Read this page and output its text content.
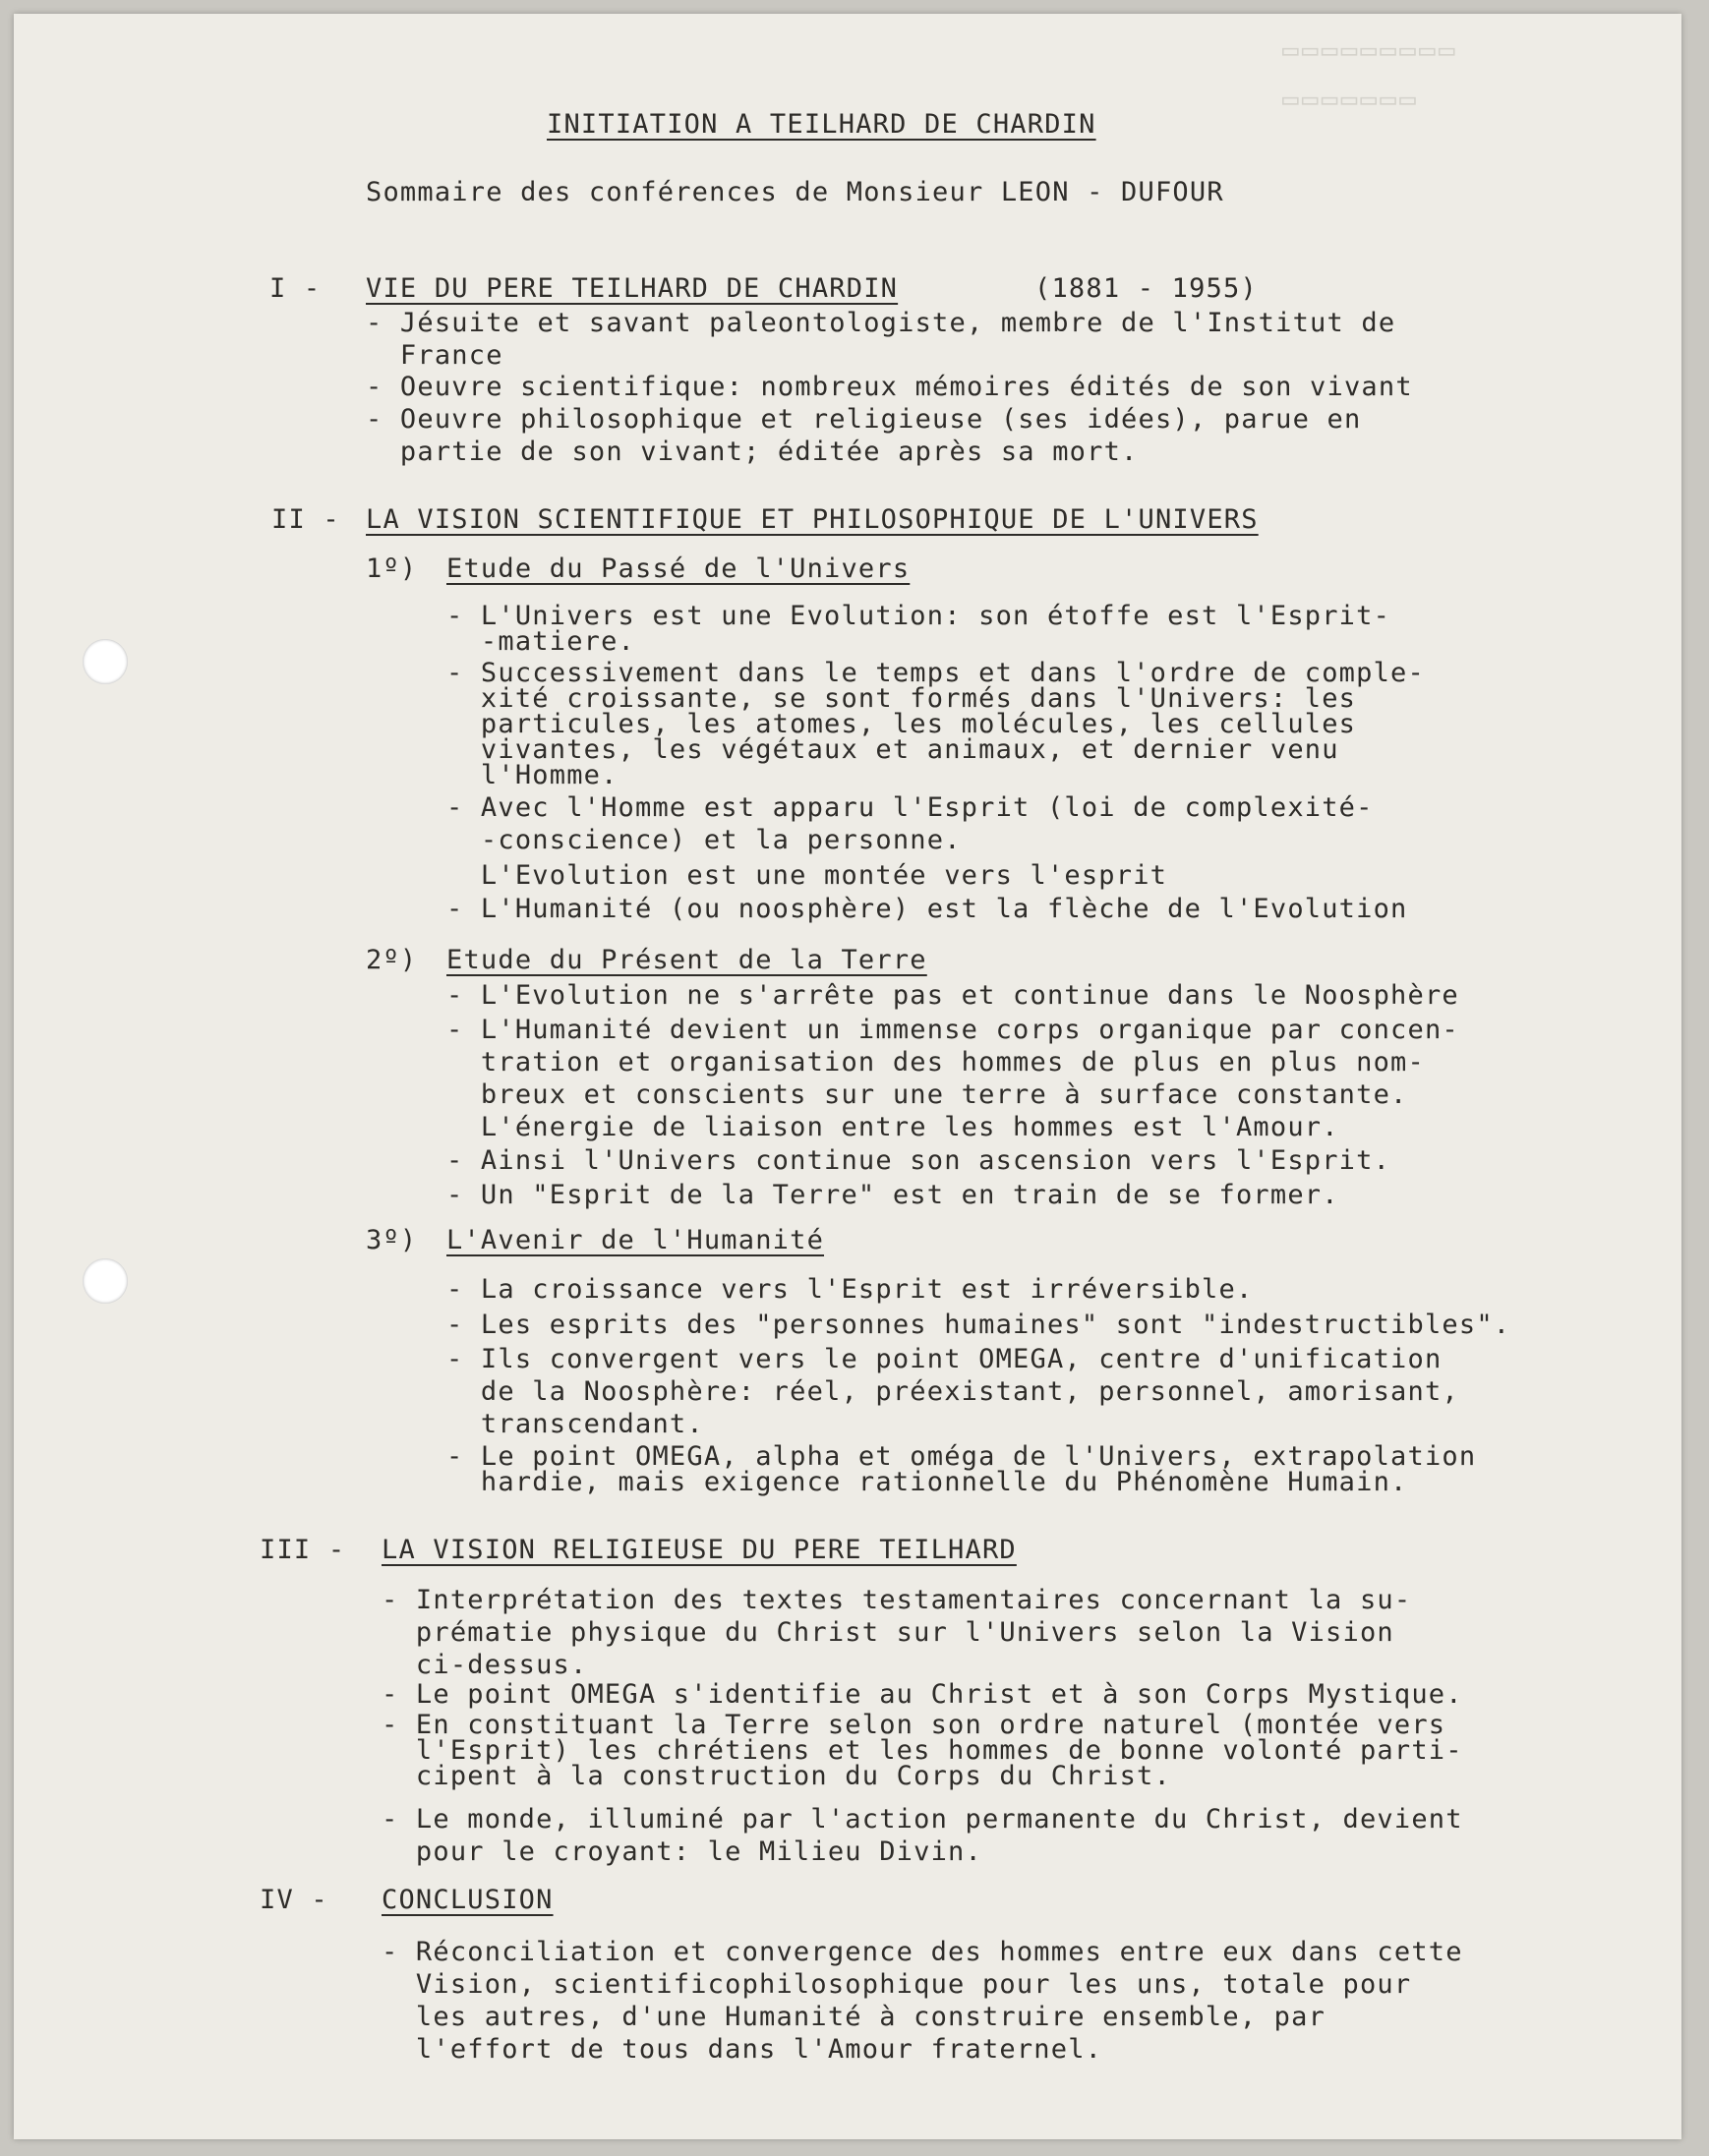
▭▭▭▭▭▭▭▭▭
▭▭▭▭▭▭▭
INITIATION A TEILHARD DE CHARDIN
Sommaire des conférences de Monsieur LEON - DUFOUR
I - VIE DU PERE TEILHARD DE CHARDIN	(1881 - 1955)
- Jésuite et savant paleontologiste, membre de l'Institut de
France
- Oeuvre scientifique: nombreux mémoires édités de son vivant
- Oeuvre philosophique et religieuse (ses idées), parue en
partie de son vivant; éditée après sa mort.
II - LA VISION SCIENTIFIQUE ET PHILOSOPHIQUE DE L'UNIVERS
1º) Etude du Passé de l'Univers
- L'Univers est une Evolution: son étoffe est l'Esprit-
-matiere.
- Successivement dans le temps et dans l'ordre de comple-
xité croissante, se sont formés dans l'Univers: les
particules, les atomes, les molécules, les cellules
vivantes, les végétaux et animaux, et dernier venu
l'Homme.
- Avec l'Homme est apparu l'Esprit (loi de complexité-
-conscience) et la personne.
L'Evolution est une montée vers l'esprit
- L'Humanité (ou noosphère) est la flèche de l'Evolution
2º) Etude du Présent de la Terre
- L'Evolution ne s'arrête pas et continue dans le Noosphère
- L'Humanité devient un immense corps organique par concen-
tration et organisation des hommes de plus en plus nom-
breux et conscients sur une terre à surface constante.
L'énergie de liaison entre les hommes est l'Amour.
- Ainsi l'Univers continue son ascension vers l'Esprit.
- Un "Esprit de la Terre" est en train de se former.
3º) L'Avenir de l'Humanité
- La croissance vers l'Esprit est irréversible.
- Les esprits des "personnes humaines" sont "indestructibles".
- Ils convergent vers le point OMEGA, centre d'unification
de la Noosphère: réel, préexistant, personnel, amorisant,
transcendant.
- Le point OMEGA, alpha et oméga de l'Univers, extrapolation
hardie, mais exigence rationnelle du Phénomène Humain.
III - LA VISION RELIGIEUSE DU PERE TEILHARD
- Interprétation des textes testamentaires concernant la su-
prématie physique du Christ sur l'Univers selon la Vision
ci-dessus.
- Le point OMEGA s'identifie au Christ et à son Corps Mystique.
- En constituant la Terre selon son ordre naturel (montée vers
l'Esprit) les chrétiens et les hommes de bonne volonté parti-
cipent à la construction du Corps du Christ.
- Le monde, illuminé par l'action permanente du Christ, devient
pour le croyant: le Milieu Divin.
IV - CONCLUSION
- Réconciliation et convergence des hommes entre eux dans cette
Vision, scientificophilosophique pour les uns, totale pour
les autres, d'une Humanité à construire ensemble, par
l'effort de tous dans l'Amour fraternel.
